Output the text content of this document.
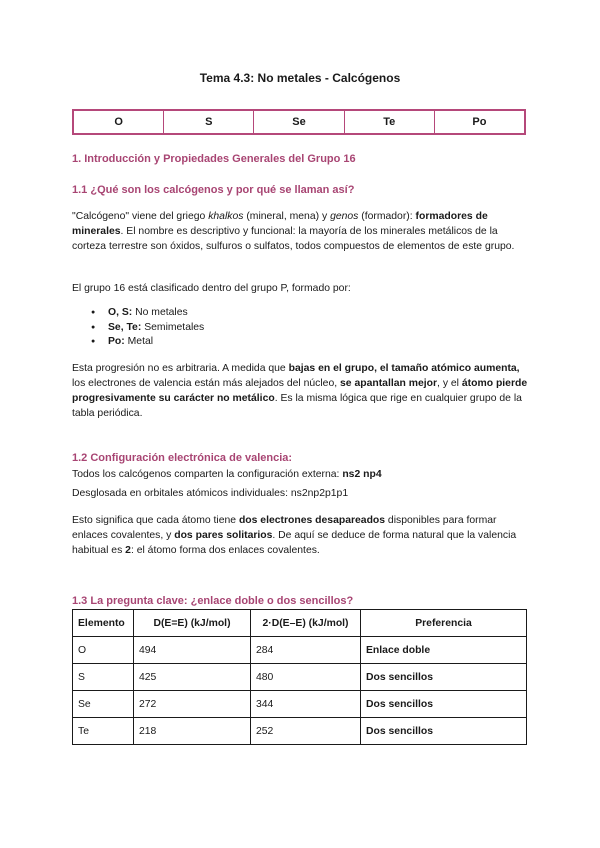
Tema 4.3: No metales - Calcógenos
O	S	Se	Te	Po
1. Introducción y Propiedades Generales del Grupo 16
1.1 ¿Qué son los calcógenos y por qué se llaman así?
"Calcógeno" viene del griego khalkos (mineral, mena) y genos (formador): formadores de minerales. El nombre es descriptivo y funcional: la mayoría de los minerales metálicos de la corteza terrestre son óxidos, sulfuros o sulfatos, todos compuestos de elementos de este grupo.
El grupo 16 está clasificado dentro del grupo P, formado por:
● O, S: No metales
● Se, Te: Semimetales
● Po: Metal
Esta progresión no es arbitraria. A medida que bajas en el grupo, el tamaño atómico aumenta, los electrones de valencia están más alejados del núcleo, se apantallan mejor, y el átomo pierde progresivamente su carácter no metálico. Es la misma lógica que rige en cualquier grupo de la tabla periódica.
1.2 Configuración electrónica de valencia:
Todos los calcógenos comparten la configuración externa: ns2 np4
Desglosada en orbitales atómicos individuales: ns2np2p1p1
Esto significa que cada átomo tiene dos electrones desapareados disponibles para formar enlaces covalentes, y dos pares solitarios. De aquí se deduce de forma natural que la valencia habitual es 2: el átomo forma dos enlaces covalentes.
1.3 La pregunta clave: ¿enlace doble o dos sencillos?
Elemento	D(E=E) (kJ/mol)	2·D(E–E) (kJ/mol)	Preferencia
O	494	284	Enlace doble
S	425	480	Dos sencillos
Se	272	344	Dos sencillos
Te	218	252	Dos sencillos
